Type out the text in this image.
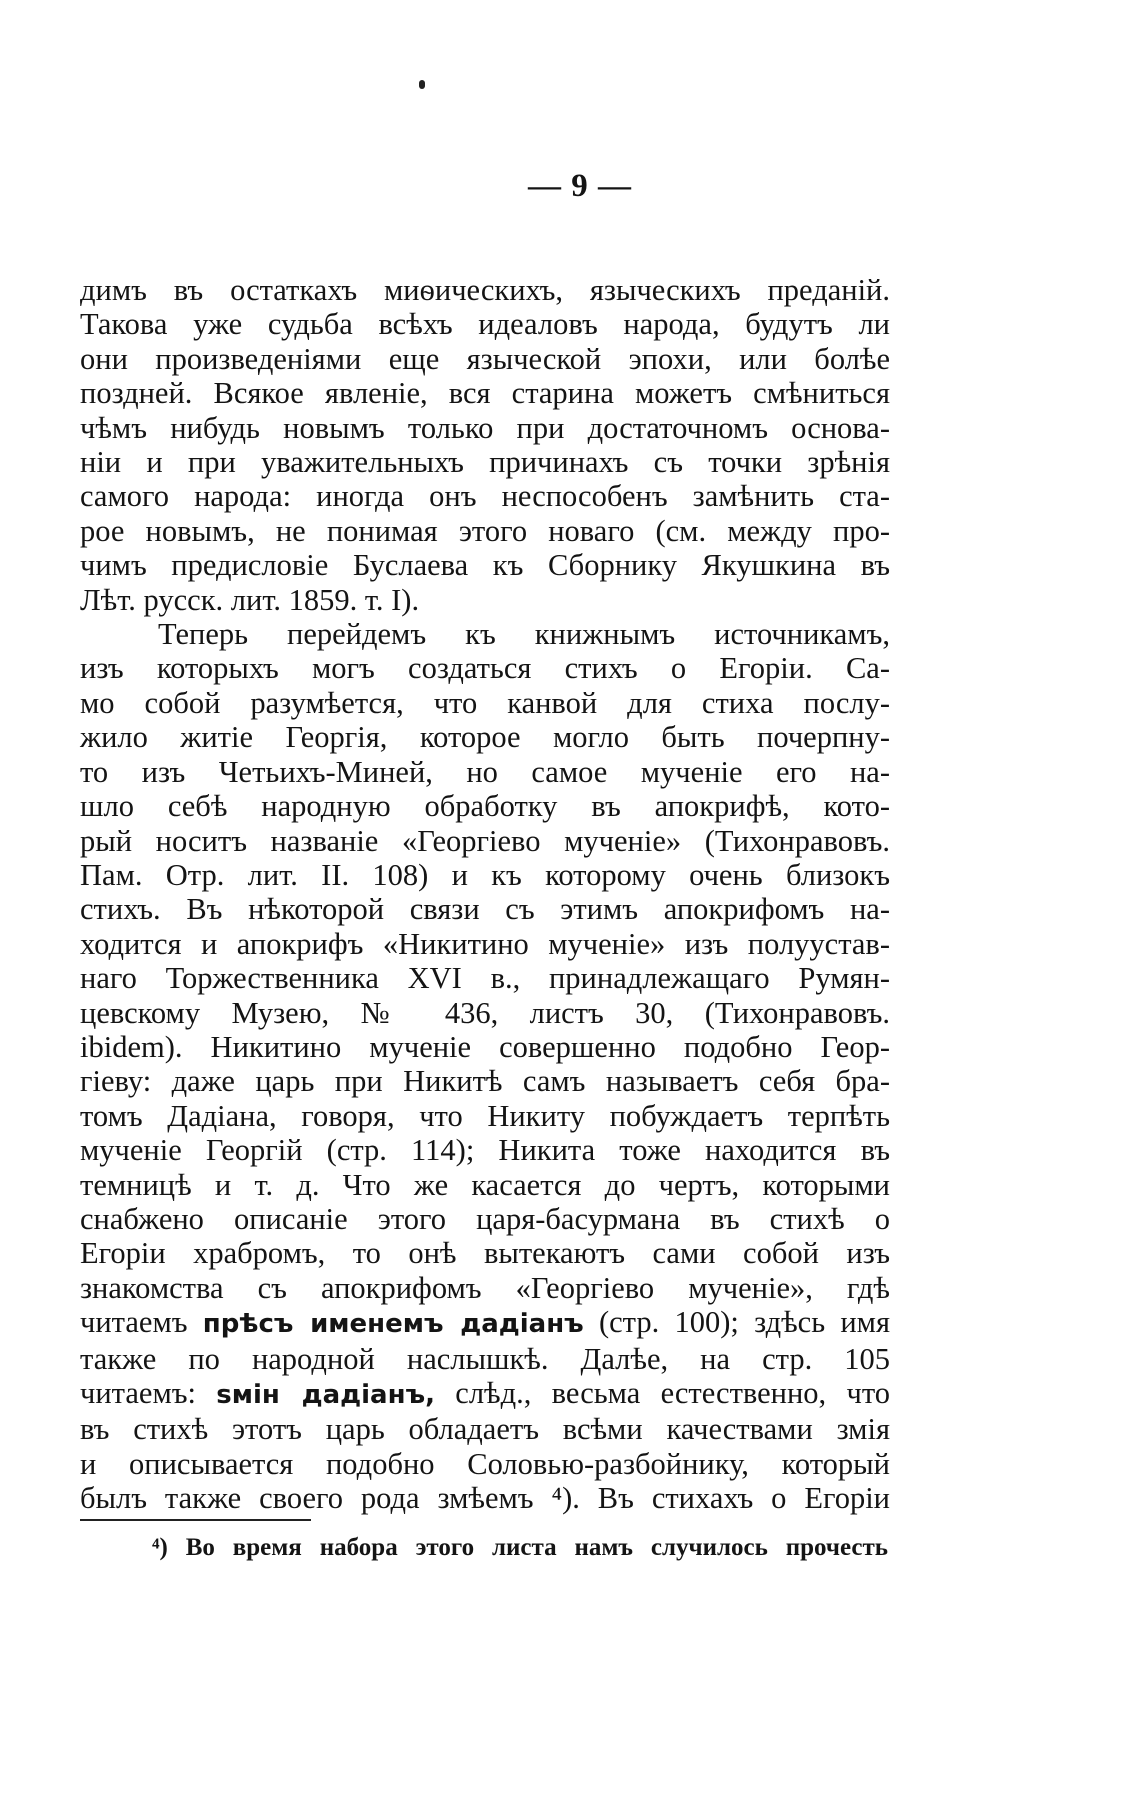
— 9 —
димъ въ остаткахъ миѳическихъ, языческихъ преданій.
Такова уже судьба всѣхъ идеаловъ народа, будутъ ли
они произведеніями еще языческой эпохи, или болѣе
поздней. Всякое явленіе, вся старина можетъ смѣниться
чѣмъ нибудь новымъ только при достаточномъ основа-
ніи и при уважительныхъ причинахъ съ точки зрѣнія
самого народа: иногда онъ неспособенъ замѣнить ста-
рое новымъ, не понимая этого новаго (см. между про-
чимъ предисловіе Буслаева къ Сборнику Якушкина въ
Лѣт. русск. лит. 1859. т. I).
Теперь перейдемъ къ книжнымъ источникамъ,
изъ которыхъ могъ создаться стихъ о Егоріи. Са-
мо собой разумѣется, что канвой для стиха послу-
жило житіе Георгія, которое могло быть почерпну-
то изъ Четьихъ-Миней, но самое мученіе его на-
шло себѣ народную обработку въ апокрифѣ, кото-
рый носитъ названіе «Георгіево мученіе» (Тихонравовъ.
Пам. Отр. лит. II. 108) и къ которому очень близокъ
стихъ. Въ нѣкоторой связи съ этимъ апокрифомъ на-
ходится и апокрифъ «Никитино мученіе» изъ полуустав-
наго Торжественника XVI в., принадлежащаго Румян-
цевскому Музею, № 436, листъ 30, (Тихонравовъ.
ibidem). Никитино мученіе совершенно подобно Геор-
гіеву: даже царь при Никитѣ самъ называетъ себя бра-
томъ Дадіана, говоря, что Никиту побуждаетъ терпѣть
мученіе Георгій (стр. 114); Никита тоже находится въ
темницѣ и т. д. Что же касается до чертъ, которыми
снабжено описаніе этого царя-басурмана въ стихѣ о
Егоріи храбромъ, то онѣ вытекаютъ сами собой изъ
знакомства съ апокрифомъ «Георгіево мученіе», гдѣ
читаемъ прѣсъ именемъ дадіанъ (стр. 100); здѣсь имя
также по народной наслышкѣ. Далѣе, на стр. 105
читаемъ: ѕмін дадіанъ, слѣд., весьма естественно, что
въ стихѣ этотъ царь обладаетъ всѣми качествами змія
и описывается подобно Соловью-разбойнику, который
былъ также своего рода змѣемъ ⁴). Въ стихахъ о Егоріи
⁴) Во время набора этого листа намъ случилось прочесть
